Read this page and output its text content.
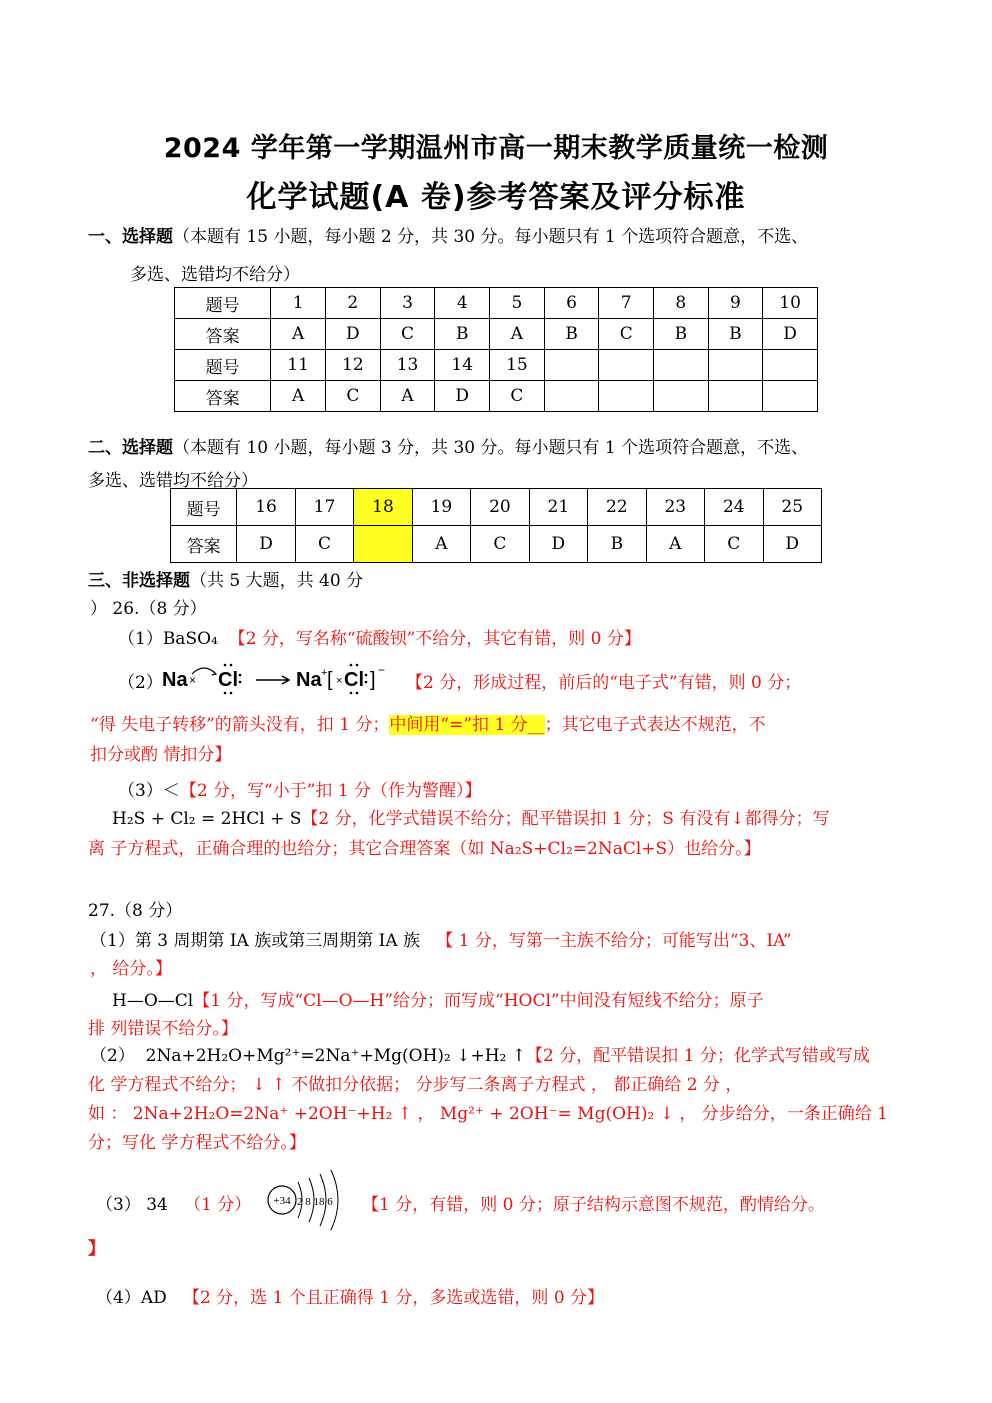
2024 学年第一学期温州市高一期末教学质量统一检测
化学试题(A 卷)参考答案及评分标准
一、选择题（本题有 15 小题，每小题 2 分，共 30 分。每小题只有 1 个选项符合题意，不选、
多选、选错均不给分）
题号	1	2	3	4	5	6	7	8	9	10
答案	A	D	C	B	A	B	C	B	B	D
题号	11	12	13	14	15					
答案	A	C	A	D	C					
二、选择题（本题有 10 小题，每小题 3 分，共 30 分。每小题只有 1 个选项符合题意，不选、
多选、选错均不给分）
题号	16	17	18	19	20	21	22	23	24	25
答案	D	C		A	C	D	B	A	C	D
三、非选择题（共 5 大题，共 40 分
） 26.（8 分）
（1）BaSO₄ 【2 分，写名称“硫酸钡”不给分，其它有错，则 0 分】
（2） Na × Cl	Na + [ × Cl ] −
【2 分，形成过程，前后的“电子式”有错，则 0 分；
“得 失电子转移”的箭头没有，扣 1 分；中间用“=”扣 1 分__；其它电子式表达不规范，不
扣分或酌 情扣分】
（3）＜【2 分，写“小于”扣 1 分（作为警醒）】
H₂S + Cl₂ = 2HCl + S【2 分，化学式错误不给分；配平错误扣 1 分；S 有没有↓都得分；写
离 子方程式，正确合理的也给分；其它合理答案（如 Na₂S+Cl₂=2NaCl+S）也给分。】
27.（8 分）
（1）第 3 周期第 IA 族或第三周期第 IA 族 【 1 分，写第一主族不给分；可能写出“3、IA”
， 给分。】
H—O—Cl【1 分，写成“Cl—O—H”给分；而写成“HOCl”中间没有短线不给分；原子
排 列错误不给分。】
（2） 2Na+2H₂O+Mg²⁺=2Na⁺+Mg(OH)₂ ↓+H₂ ↑【2 分，配平错误扣 1 分；化学式写错或写成
化 学方程式不给分； ↓ ↑ 不做扣分依据； 分步写二条离子方程式 ， 都正确给 2 分 ，
如 ： 2Na+2H₂O=2Na⁺ +2OH⁻+H₂ ↑ ， Mg²⁺ + 2OH⁻= Mg(OH)₂ ↓ ， 分步给分，一条正确给 1
分；写化 学方程式不给分。】
（3） 34 （1 分） +34 2 8 18 6 【1 分，有错，则 0 分；原子结构示意图不规范，酌情给分。
】
（4）AD 【2 分，选 1 个且正确得 1 分，多选或选错，则 0 分】
